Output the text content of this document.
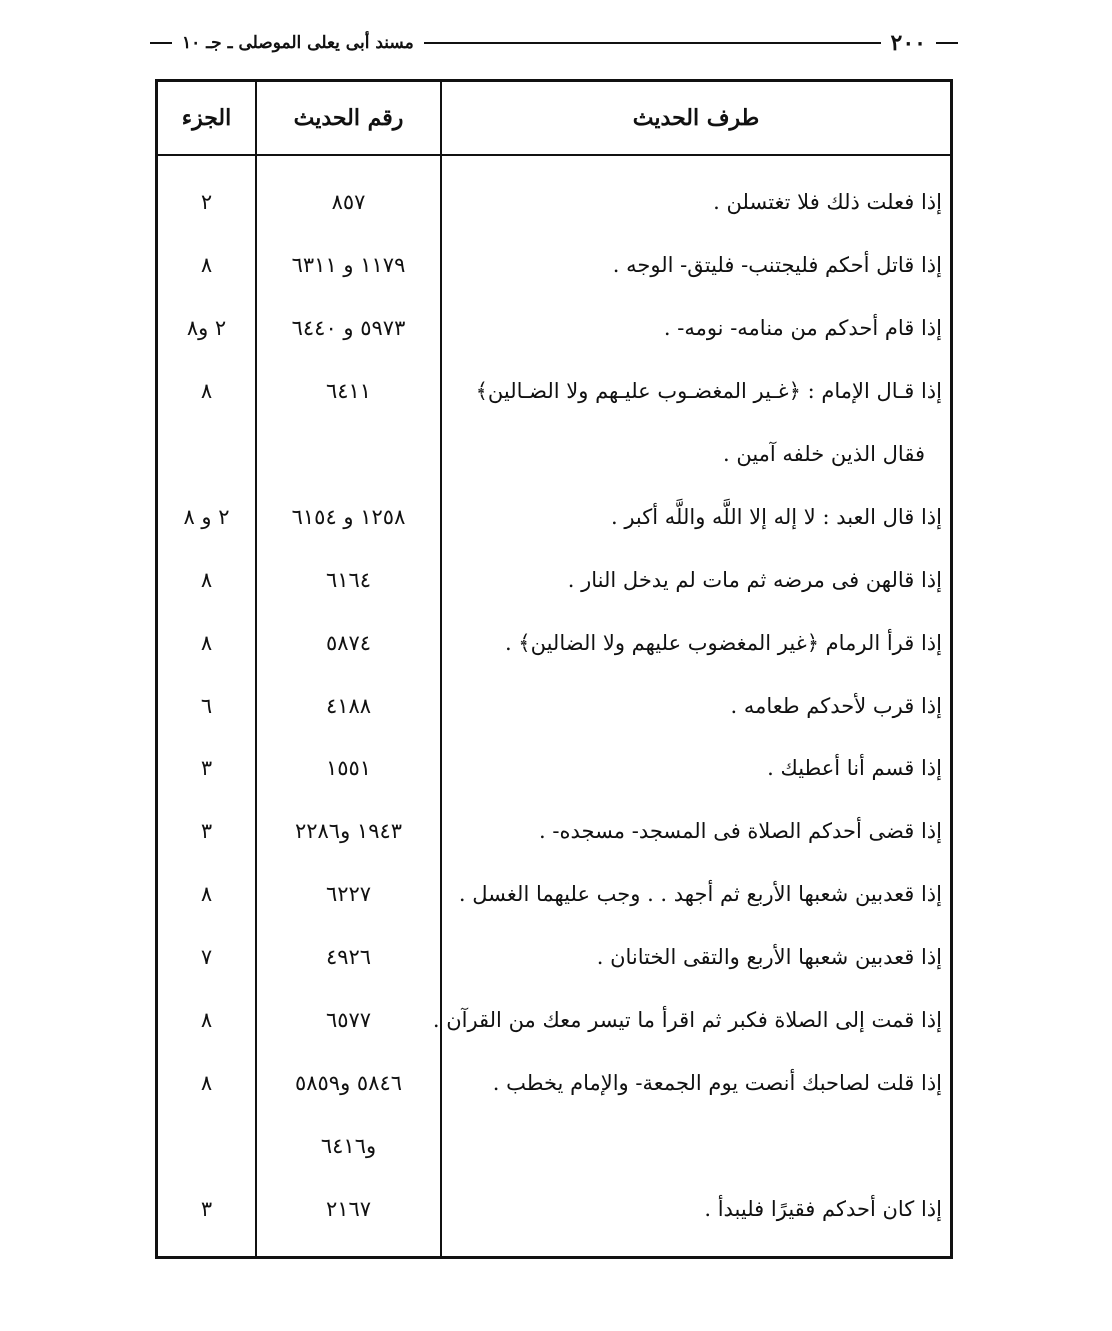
٢٠٠
مسند أبى يعلى الموصلى ـ جـ ١٠
الجزء	رقم الحديث	طرف الحديث
٢	٨٥٧	إذا فعلت ذلك فلا تغتسلن .
٨	١١٧٩ و ٦٣١١	إذا قاتل أحكم فليجتنب- فليتق- الوجه .
٢ و٨	٥٩٧٣ و ٦٤٤٠	إذا قام أحدكم من منامه- نومه- .
٨	٦٤١١	إذا قـال الإمام : ﴿غـير المغضـوب عليـهم ولا الضـالين﴾
فقال الذين خلفه آمين .
٢ و ٨	١٢٥٨ و ٦١٥٤	إذا قال العبد : لا إله إلا اللَّه واللَّه أكبر .
٨	٦١٦٤	إذا قالهن فى مرضه ثم مات لم يدخل النار .
٨	٥٨٧٤	إذا قرأ الرمام ﴿غير المغضوب عليهم ولا الضالين﴾ .
٦	٤١٨٨	إذا قرب لأحدكم طعامه .
٣	١٥٥١	إذا قسم أنا أعطيك .
٣	١٩٤٣ و٢٢٨٦	إذا قضى أحدكم الصلاة فى المسجد- مسجده- .
٨	٦٢٢٧	إذا قعدبين شعبها الأربع ثم أجهد . . وجب عليهما الغسل .
٧	٤٩٢٦	إذا قعدبين شعبها الأربع والتقى الختانان .
٨	٦٥٧٧	إذا قمت إلى الصلاة فكبر ثم اقرأ ما تيسر معك من القرآن .
٨	٥٨٤٦ و٥٨٥٩	إذا قلت لصاحبك أنصت يوم الجمعة- والإمام يخطب .
و٦٤١٦
٣	٢١٦٧	إذا كان أحدكم فقيرًا فليبدأ .
